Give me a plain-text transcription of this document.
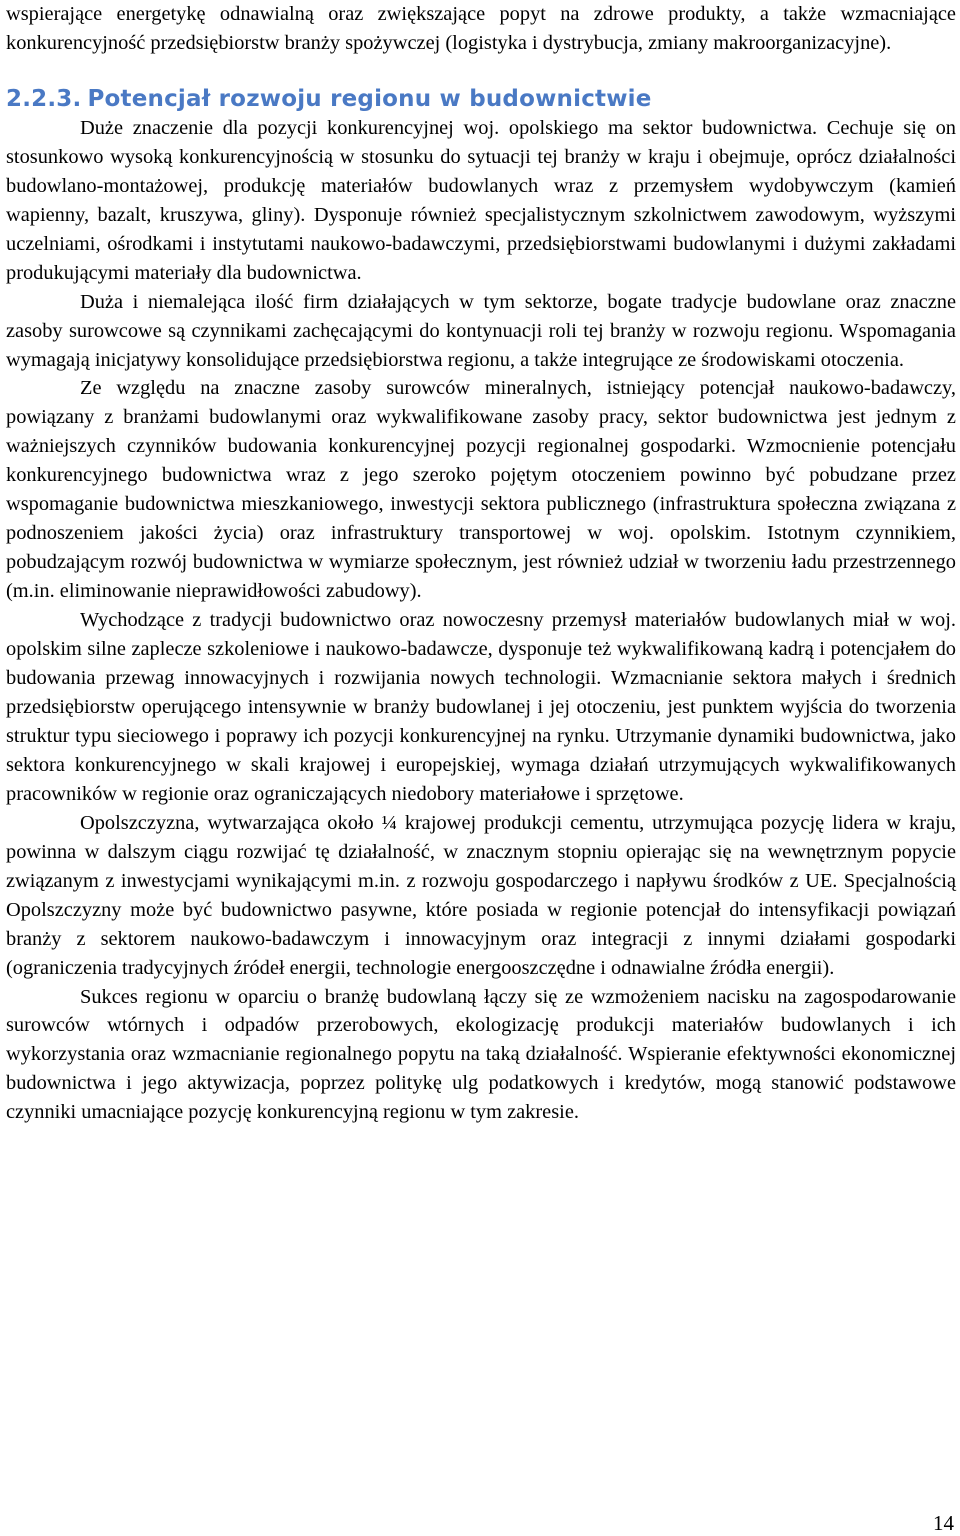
wspierające energetykę odnawialną oraz zwiększające popyt na zdrowe produkty, a także wzmacniające konkurencyjność przedsiębiorstw branży spożywczej (logistyka i dystrybucja, zmiany makroorganizacyjne).

2.2.3. Potencjał rozwoju regionu w budownictwie

Duże znaczenie dla pozycji konkurencyjnej woj. opolskiego ma sektor budownictwa. Cechuje się on stosunkowo wysoką konkurencyjnością w stosunku do sytuacji tej branży w kraju i obejmuje, oprócz działalności budowlano-montażowej, produkcję materiałów budowlanych wraz z przemysłem wydobywczym (kamień wapienny, bazalt, kruszywa, gliny). Dysponuje również specjalistycznym szkolnictwem zawodowym, wyższymi uczelniami, ośrodkami i instytutami naukowo-badawczymi, przedsiębiorstwami budowlanymi i dużymi zakładami produkującymi materiały dla budownictwa.

Duża i niemalejąca ilość firm działających w tym sektorze, bogate tradycje budowlane oraz znaczne zasoby surowcowe są czynnikami zachęcającymi do kontynuacji roli tej branży w rozwoju regionu. Wspomagania wymagają inicjatywy konsolidujące przedsiębiorstwa regionu, a także integrujące ze środowiskami otoczenia.

Ze względu na znaczne zasoby surowców mineralnych, istniejący potencjał naukowo-badawczy, powiązany z branżami budowlanymi oraz wykwalifikowane zasoby pracy, sektor budownictwa jest jednym z ważniejszych czynników budowania konkurencyjnej pozycji regionalnej gospodarki. Wzmocnienie potencjału konkurencyjnego budownictwa wraz z jego szeroko pojętym otoczeniem powinno być pobudzane przez wspomaganie budownictwa mieszkaniowego, inwestycji sektora publicznego (infrastruktura społeczna związana z podnoszeniem jakości życia) oraz infrastruktury transportowej w woj. opolskim. Istotnym czynnikiem, pobudzającym rozwój budownictwa w wymiarze społecznym, jest również udział w tworzeniu ładu przestrzennego (m.in. eliminowanie nieprawidłowości zabudowy).

Wychodzące z tradycji budownictwo oraz nowoczesny przemysł materiałów budowlanych miał w woj. opolskim silne zaplecze szkoleniowe i naukowo-badawcze, dysponuje też wykwalifikowaną kadrą i potencjałem do budowania przewag innowacyjnych i rozwijania nowych technologii. Wzmacnianie sektora małych i średnich przedsiębiorstw operującego intensywnie w branży budowlanej i jej otoczeniu, jest punktem wyjścia do tworzenia struktur typu sieciowego i poprawy ich pozycji konkurencyjnej na rynku. Utrzymanie dynamiki budownictwa, jako sektora konkurencyjnego w skali krajowej i europejskiej, wymaga działań utrzymujących wykwalifikowanych pracowników w regionie oraz ograniczających niedobory materiałowe i sprzętowe.

Opolszczyzna, wytwarzająca około ¼ krajowej produkcji cementu, utrzymująca pozycję lidera w kraju, powinna w dalszym ciągu rozwijać tę działalność, w znacznym stopniu opierając się na wewnętrznym popycie związanym z inwestycjami wynikającymi m.in. z rozwoju gospodarczego i napływu środków z UE. Specjalnością Opolszczyzny może być budownictwo pasywne, które posiada w regionie potencjał do intensyfikacji powiązań branży z sektorem naukowo-badawczym i innowacyjnym oraz integracji z innymi działami gospodarki (ograniczenia tradycyjnych źródeł energii, technologie energooszczędne i odnawialne źródła energii).

Sukces regionu w oparciu o branżę budowlaną łączy się ze wzmożeniem nacisku na zagospodarowanie surowców wtórnych i odpadów przerobowych, ekologizację produkcji materiałów budowlanych i ich wykorzystania oraz wzmacnianie regionalnego popytu na taką działalność. Wspieranie efektywności ekonomicznej budownictwa i jego aktywizacja, poprzez politykę ulg podatkowych i kredytów, mogą stanowić podstawowe czynniki umacniające pozycję konkurencyjną regionu w tym zakresie.

14
